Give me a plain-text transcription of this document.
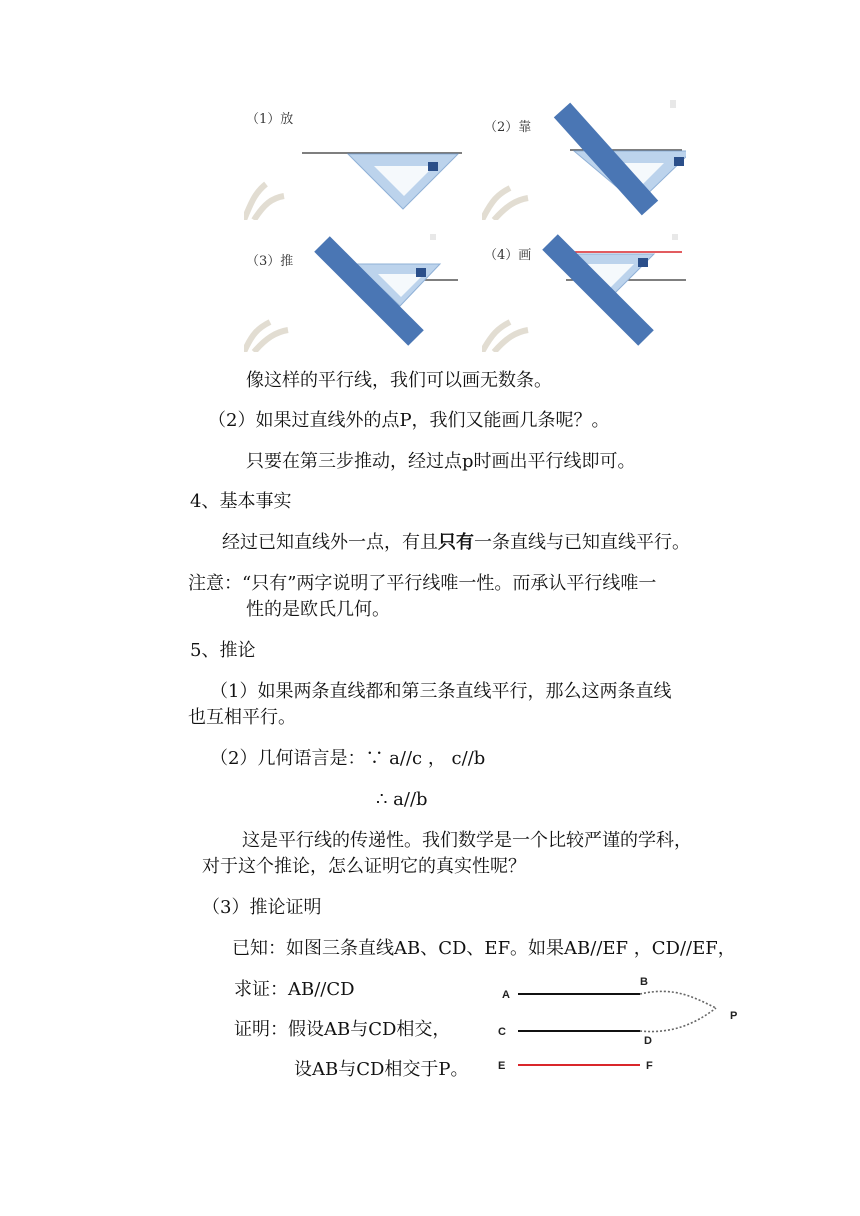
（1）放
（2）靠
（3）推	（4）画
像这样的平行线，我们可以画无数条。
（2）如果过直线外的点P，我们又能画几条呢？。
只要在第三步推动，经过点p时画出平行线即可。
4、基本事实
经过已知直线外一点，有且只有一条直线与已知直线平行。
注意：“只有”两字说明了平行线唯一性。而承认平行线唯一
性的是欧氏几何。
5、推论
（1）如果两条直线都和第三条直线平行，那么这两条直线
也互相平行。
（2）几何语言是：∵ a//c ， c//b
∴ a//b
这是平行线的传递性。我们数学是一个比较严谨的学科，
对于这个推论，怎么证明它的真实性呢？
（3）推论证明
已知：如图三条直线AB、CD、EF。如果AB//EF ，CD//EF，
求证：AB//CD
证明：假设AB与CD相交，
设AB与CD相交于P。
A
B
C
D
E	F
P
